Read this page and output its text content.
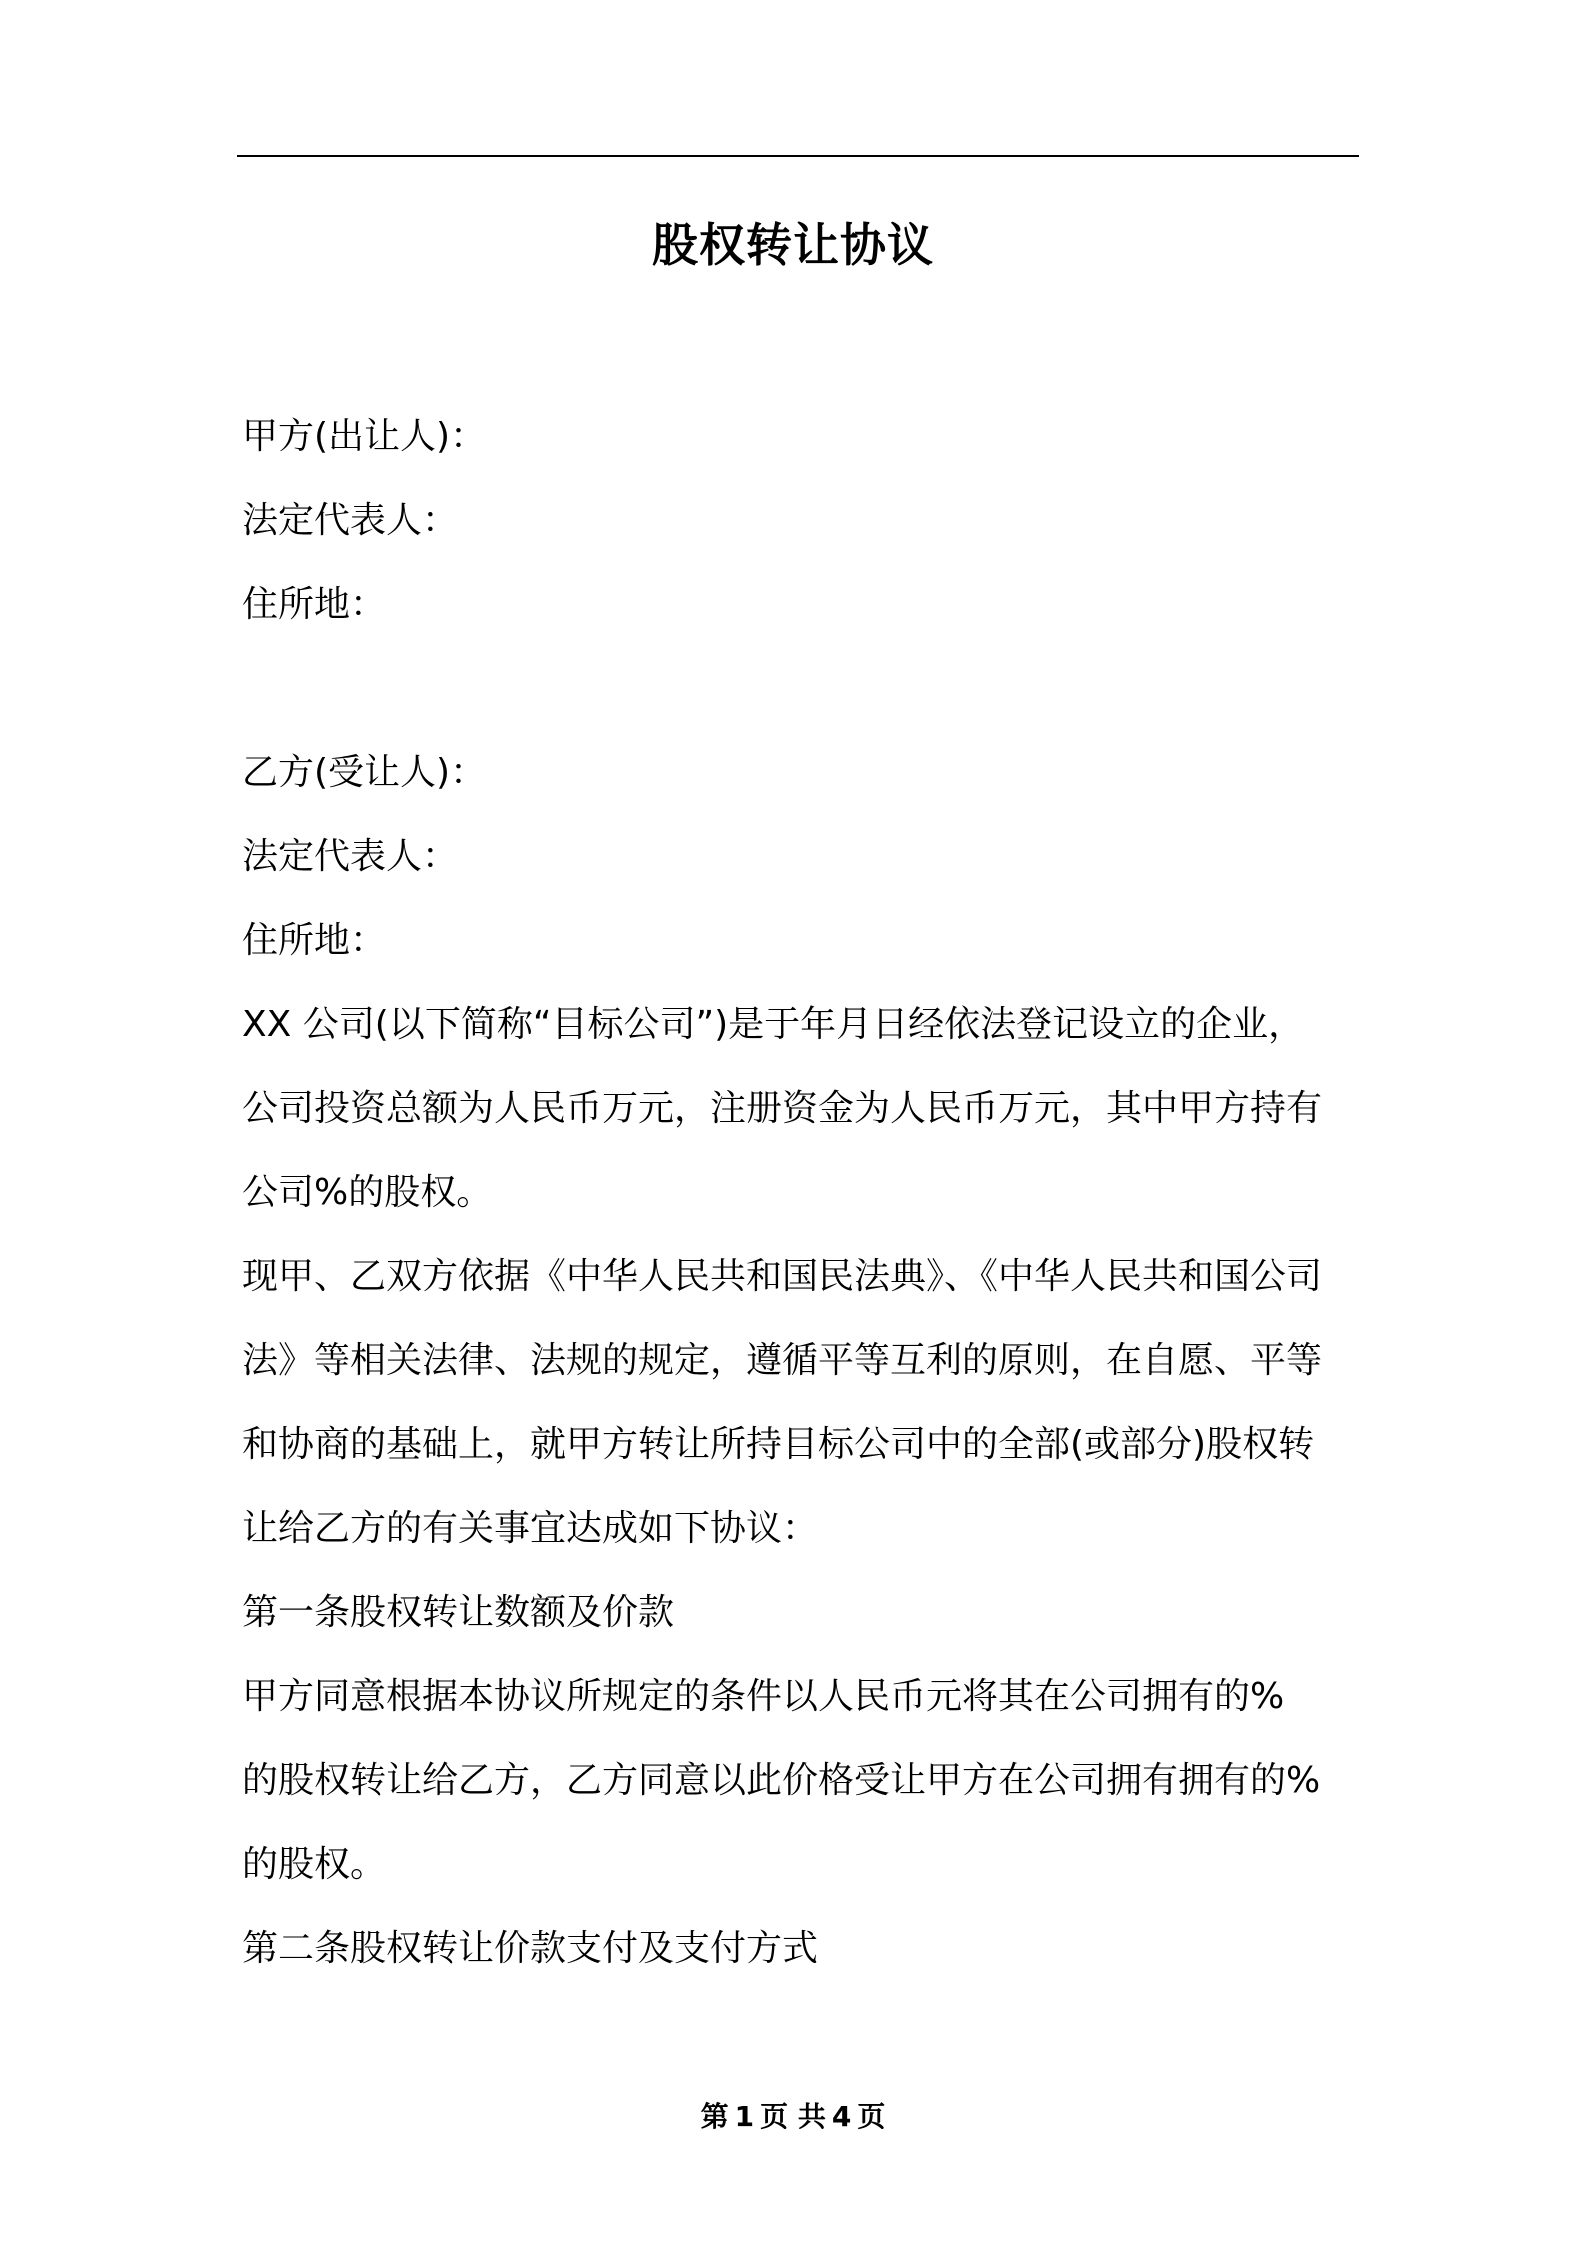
股权转让协议
甲方(出让人)：
法定代表人：
住所地：
乙方(受让人)：
法定代表人：
住所地：
XX 公司(以下简称“目标公司”)是于年月日经依法登记设立的企业，
公司投资总额为人民币万元，注册资金为人民币万元，其中甲方持有
公司%的股权。
现甲、乙双方依据《中华人民共和国民法典》、《中华人民共和国公司
法》等相关法律、法规的规定，遵循平等互利的原则，在自愿、平等
和协商的基础上，就甲方转让所持目标公司中的全部(或部分)股权转
让给乙方的有关事宜达成如下协议：
第一条股权转让数额及价款
甲方同意根据本协议所规定的条件以人民币元将其在公司拥有的%
的股权转让给乙方，乙方同意以此价格受让甲方在公司拥有拥有的%
的股权。
第二条股权转让价款支付及支付方式
第 1 页 共 4 页
